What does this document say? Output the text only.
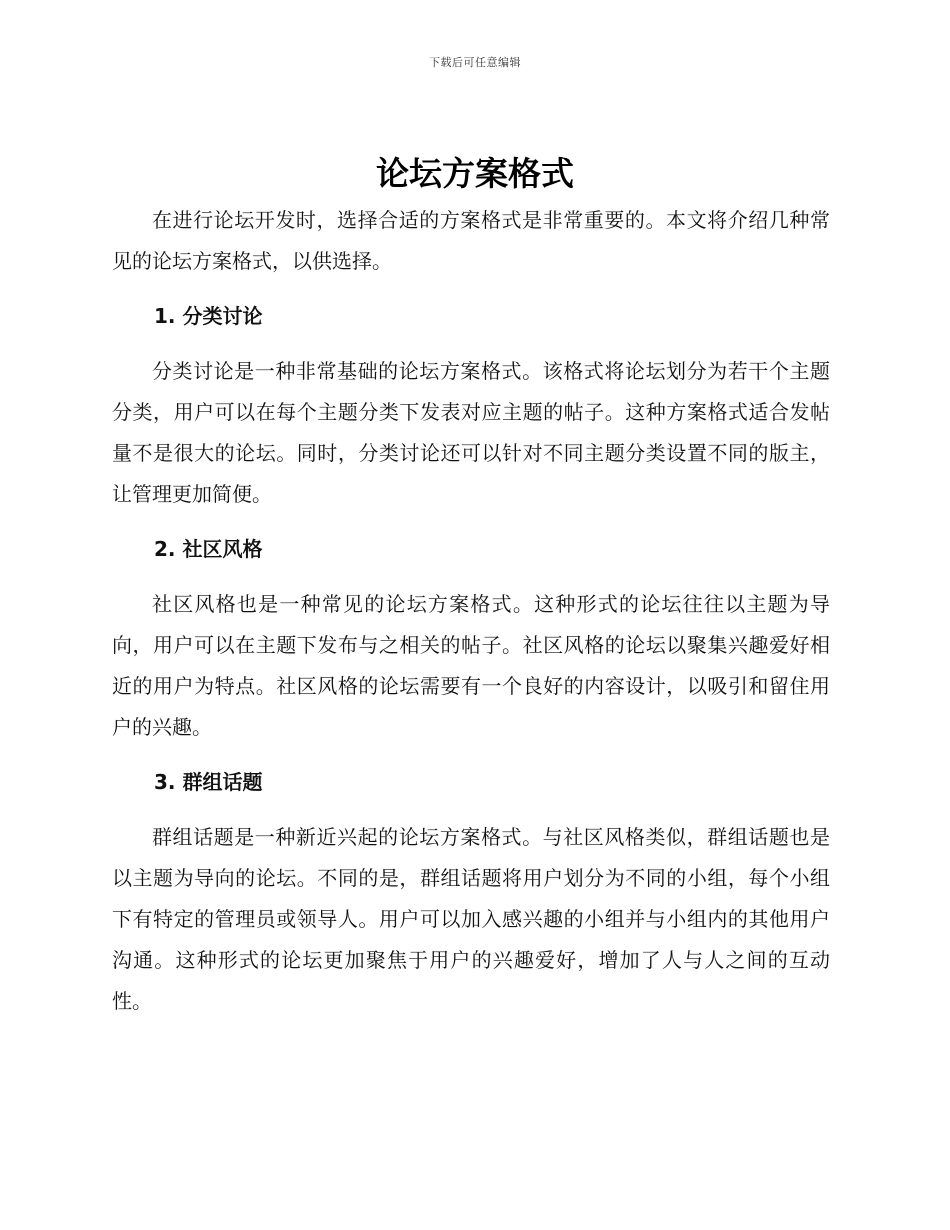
下载后可任意编辑
论坛方案格式

在进行论坛开发时，选择合适的方案格式是非常重要的。本文将介绍几种常见的论坛方案格式，以供选择。

1. 分类讨论

分类讨论是一种非常基础的论坛方案格式。该格式将论坛划分为若干个主题分类，用户可以在每个主题分类下发表对应主题的帖子。这种方案格式适合发帖量不是很大的论坛。同时，分类讨论还可以针对不同主题分类设置不同的版主，让管理更加简便。

2. 社区风格

社区风格也是一种常见的论坛方案格式。这种形式的论坛往往以主题为导向，用户可以在主题下发布与之相关的帖子。社区风格的论坛以聚集兴趣爱好相近的用户为特点。社区风格的论坛需要有一个良好的内容设计，以吸引和留住用户的兴趣。

3. 群组话题

群组话题是一种新近兴起的论坛方案格式。与社区风格类似，群组话题也是以主题为导向的论坛。不同的是，群组话题将用户划分为不同的小组，每个小组下有特定的管理员或领导人。用户可以加入感兴趣的小组并与小组内的其他用户沟通。这种形式的论坛更加聚焦于用户的兴趣爱好，增加了人与人之间的互动性。
